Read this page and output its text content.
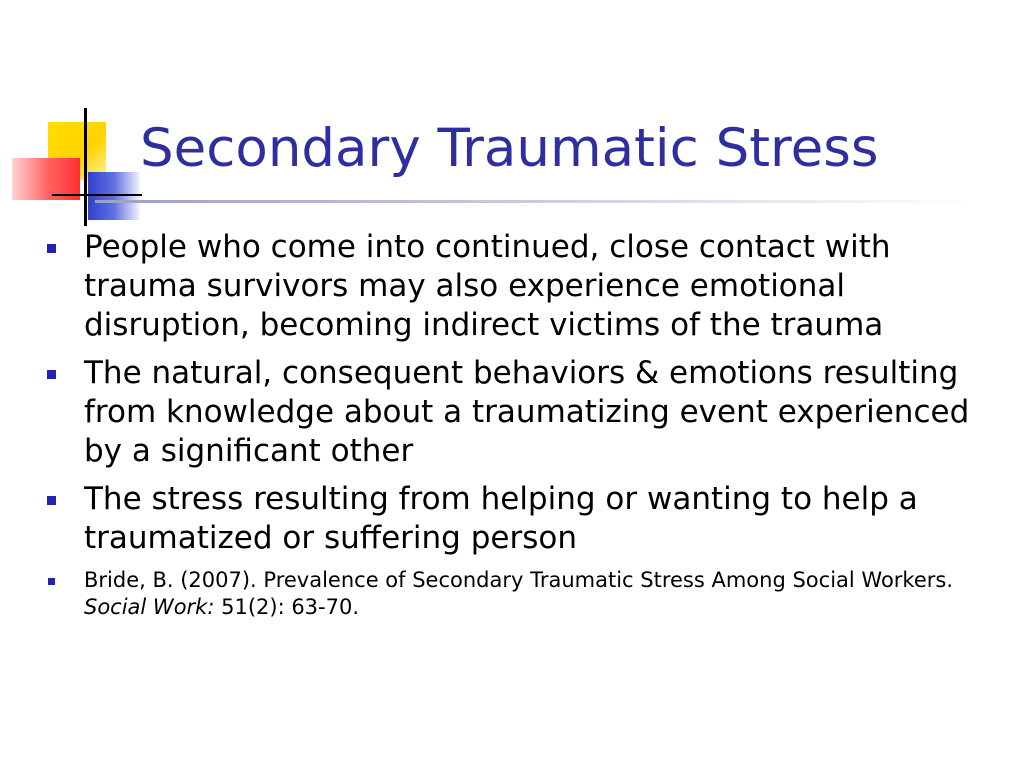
Secondary Traumatic Stress
People who come into continued, close contact with trauma survivors may also experience emotional disruption, becoming indirect victims of the trauma
The natural, consequent behaviors & emotions resulting from knowledge about a traumatizing event experienced by a significant other
The stress resulting from helping or wanting to help a traumatized or suffering person
Bride, B. (2007). Prevalence of Secondary Traumatic Stress Among Social Workers. Social Work: 51(2): 63-70.
